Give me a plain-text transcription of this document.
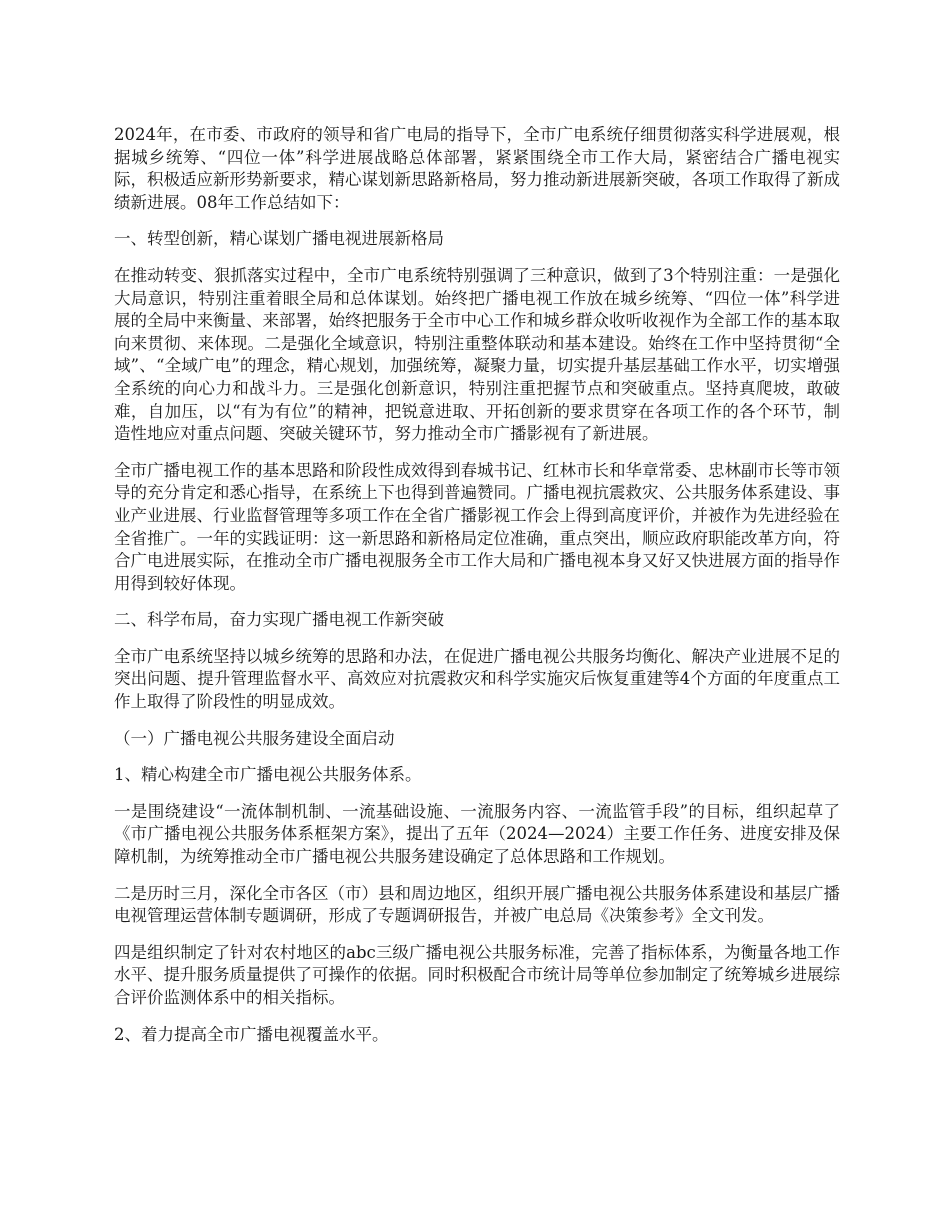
2024年，在市委、市政府的领导和省广电局的指导下，全市广电系统仔细贯彻落实科学进展观，根据城乡统筹、“四位一体”科学进展战略总体部署，紧紧围绕全市工作大局，紧密结合广播电视实际，积极适应新形势新要求，精心谋划新思路新格局，努力推动新进展新突破，各项工作取得了新成绩新进展。08年工作总结如下：

一、转型创新，精心谋划广播电视进展新格局

在推动转变、狠抓落实过程中，全市广电系统特别强调了三种意识，做到了3个特别注重：一是强化大局意识，特别注重着眼全局和总体谋划。始终把广播电视工作放在城乡统筹、“四位一体”科学进展的全局中来衡量、来部署，始终把服务于全市中心工作和城乡群众收听收视作为全部工作的基本取向来贯彻、来体现。二是强化全域意识，特别注重整体联动和基本建设。始终在工作中坚持贯彻“全域”、“全域广电”的理念，精心规划，加强统筹，凝聚力量，切实提升基层基础工作水平，切实增强全系统的向心力和战斗力。三是强化创新意识，特别注重把握节点和突破重点。坚持真爬坡，敢破难，自加压，以“有为有位”的精神，把锐意进取、开拓创新的要求贯穿在各项工作的各个环节，制造性地应对重点问题、突破关键环节，努力推动全市广播影视有了新进展。

全市广播电视工作的基本思路和阶段性成效得到春城书记、红林市长和华章常委、忠林副市长等市领导的充分肯定和悉心指导，在系统上下也得到普遍赞同。广播电视抗震救灾、公共服务体系建设、事业产业进展、行业监督管理等多项工作在全省广播影视工作会上得到高度评价，并被作为先进经验在全省推广。一年的实践证明：这一新思路和新格局定位准确，重点突出，顺应政府职能改革方向，符合广电进展实际，在推动全市广播电视服务全市工作大局和广播电视本身又好又快进展方面的指导作用得到较好体现。

二、科学布局，奋力实现广播电视工作新突破

全市广电系统坚持以城乡统筹的思路和办法，在促进广播电视公共服务均衡化、解决产业进展不足的突出问题、提升管理监督水平、高效应对抗震救灾和科学实施灾后恢复重建等4个方面的年度重点工作上取得了阶段性的明显成效。

（一）广播电视公共服务建设全面启动

1、精心构建全市广播电视公共服务体系。

一是围绕建设“一流体制机制、一流基础设施、一流服务内容、一流监管手段”的目标，组织起草了《市广播电视公共服务体系框架方案》，提出了五年（2024—2024）主要工作任务、进度安排及保障机制，为统筹推动全市广播电视公共服务建设确定了总体思路和工作规划。

二是历时三月，深化全市各区（市）县和周边地区，组织开展广播电视公共服务体系建设和基层广播电视管理运营体制专题调研，形成了专题调研报告，并被广电总局《决策参考》全文刊发。

四是组织制定了针对农村地区的abc三级广播电视公共服务标准，完善了指标体系，为衡量各地工作水平、提升服务质量提供了可操作的依据。同时积极配合市统计局等单位参加制定了统筹城乡进展综合评价监测体系中的相关指标。

2、着力提高全市广播电视覆盖水平。
